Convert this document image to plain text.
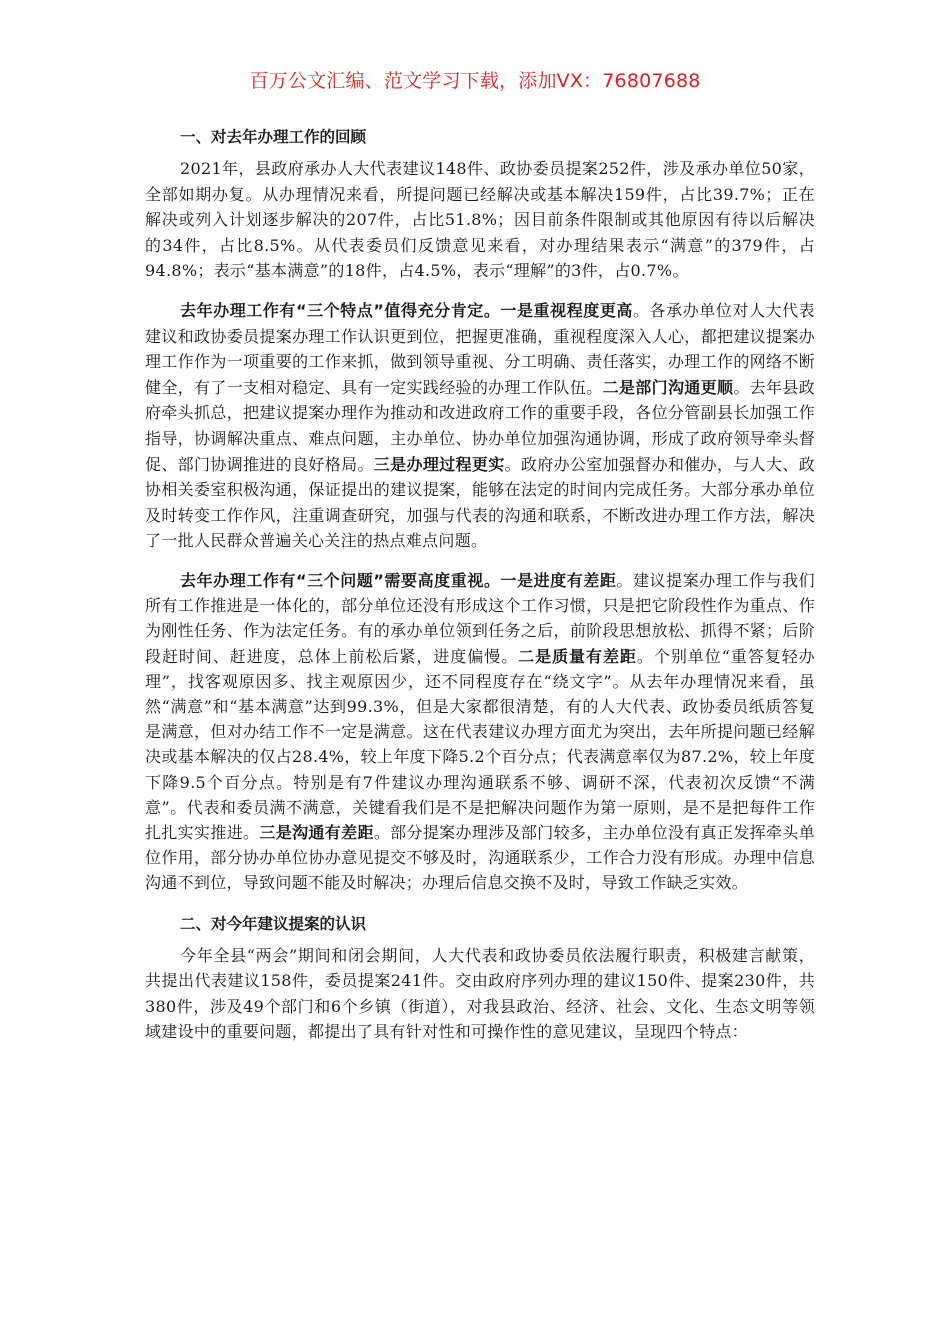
百万公文汇编、范文学习下载，添加VX：76807688
一、对去年办理工作的回顾

2021年，县政府承办人大代表建议148件、政协委员提案252件，涉及承办单位50家，全部如期办复。从办理情况来看，所提问题已经解决或基本解决159件，占比39.7%；正在解决或列入计划逐步解决的207件，占比51.8%；因目前条件限制或其他原因有待以后解决的34件，占比8.5%。从代表委员们反馈意见来看，对办理结果表示“满意”的379件，占94.8%；表示“基本满意”的18件，占4.5%，表示“理解”的3件，占0.7%。

去年办理工作有“三个特点”值得充分肯定。一是重视程度更高。各承办单位对人大代表建议和政协委员提案办理工作认识更到位，把握更准确，重视程度深入人心，都把建议提案办理工作作为一项重要的工作来抓，做到领导重视、分工明确、责任落实，办理工作的网络不断健全，有了一支相对稳定、具有一定实践经验的办理工作队伍。二是部门沟通更顺。去年县政府牵头抓总，把建议提案办理作为推动和改进政府工作的重要手段，各位分管副县长加强工作指导，协调解决重点、难点问题，主办单位、协办单位加强沟通协调，形成了政府领导牵头督促、部门协调推进的良好格局。三是办理过程更实。政府办公室加强督办和催办，与人大、政协相关委室积极沟通，保证提出的建议提案，能够在法定的时间内完成任务。大部分承办单位及时转变工作作风，注重调查研究，加强与代表的沟通和联系，不断改进办理工作方法，解决了一批人民群众普遍关心关注的热点难点问题。

去年办理工作有“三个问题”需要高度重视。一是进度有差距。建议提案办理工作与我们所有工作推进是一体化的，部分单位还没有形成这个工作习惯，只是把它阶段性作为重点、作为刚性任务、作为法定任务。有的承办单位领到任务之后，前阶段思想放松、抓得不紧；后阶段赶时间、赶进度，总体上前松后紧，进度偏慢。二是质量有差距。个别单位“重答复轻办理”，找客观原因多、找主观原因少，还不同程度存在“绕文字”。从去年办理情况来看，虽然“满意”和“基本满意”达到99.3%，但是大家都很清楚，有的人大代表、政协委员纸质答复是满意，但对办结工作不一定是满意。这在代表建议办理方面尤为突出，去年所提问题已经解决或基本解决的仅占28.4%，较上年度下降5.2个百分点；代表满意率仅为87.2%，较上年度下降9.5个百分点。特别是有7件建议办理沟通联系不够、调研不深，代表初次反馈“不满意”。代表和委员满不满意，关键看我们是不是把解决问题作为第一原则，是不是把每件工作扎扎实实推进。三是沟通有差距。部分提案办理涉及部门较多，主办单位没有真正发挥牵头单位作用，部分协办单位协办意见提交不够及时，沟通联系少，工作合力没有形成。办理中信息沟通不到位，导致问题不能及时解决；办理后信息交换不及时，导致工作缺乏实效。

二、对今年建议提案的认识

今年全县“两会”期间和闭会期间，人大代表和政协委员依法履行职责，积极建言献策，共提出代表建议158件，委员提案241件。交由政府序列办理的建议150件、提案230件，共380件，涉及49个部门和6个乡镇（街道），对我县政治、经济、社会、文化、生态文明等领域建设中的重要问题，都提出了具有针对性和可操作性的意见建议，呈现四个特点：
